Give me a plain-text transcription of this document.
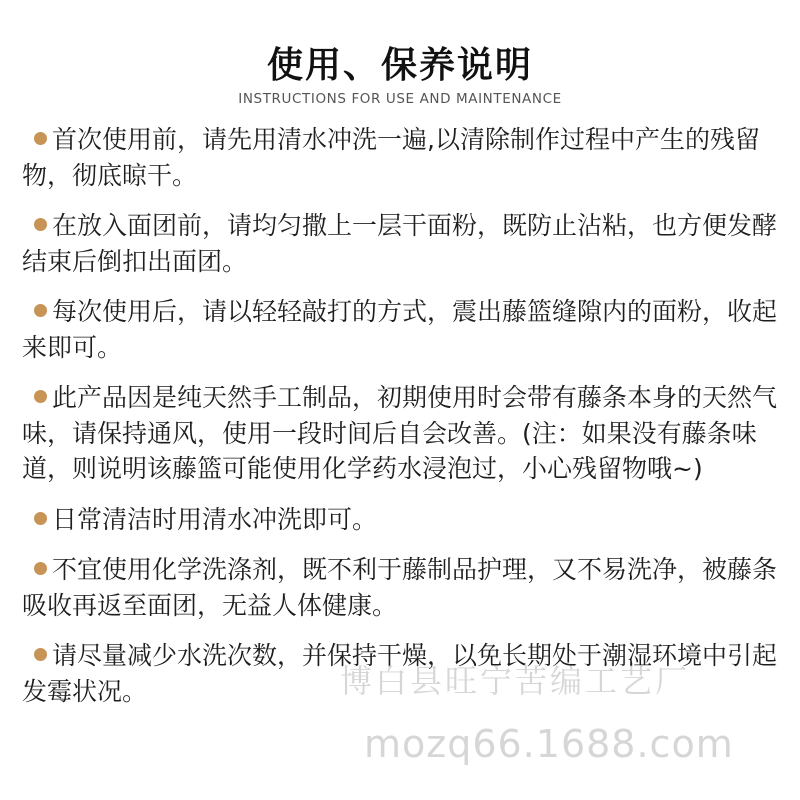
使用、保养说明
INSTRUCTIONS FOR USE AND MAINTENANCE
首次使用前，请先用清水冲洗一遍,以清除制作过程中产生的残留物，彻底晾干。
在放入面团前，请均匀撒上一层干面粉，既防止沾粘，也方便发酵结束后倒扣出面团。
每次使用后，请以轻轻敲打的方式，震出藤篮缝隙内的面粉，收起来即可。
此产品因是纯天然手工制品，初期使用时会带有藤条本身的天然气味，请保持通风，使用一段时间后自会改善。(注：如果没有藤条味道，则说明该藤篮可能使用化学药水浸泡过，小心残留物哦~)
日常清洁时用清水冲洗即可。
不宜使用化学洗涤剂，既不利于藤制品护理，又不易洗净，被藤条吸收再返至面团，无益人体健康。
请尽量减少水洗次数，并保持干燥，以免长期处于潮湿环境中引起发霉状况。	博白县旺宁苦编工艺厂
mozq66.1688.com
